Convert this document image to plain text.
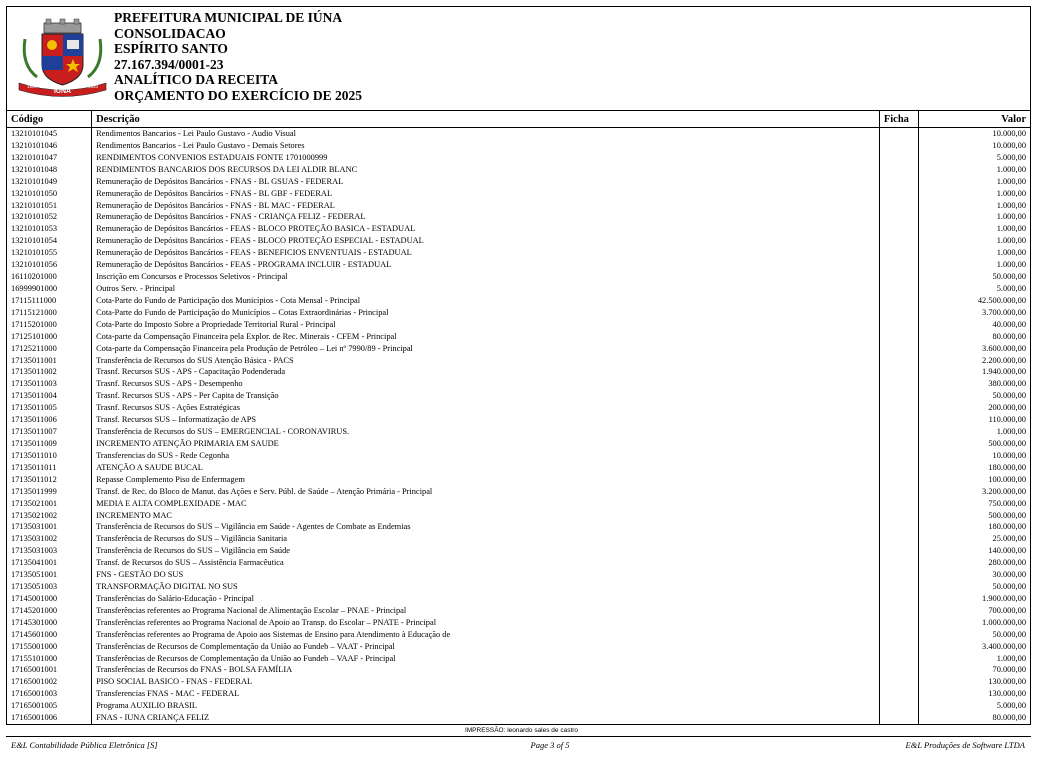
IÚNA
1890	1920
PREFEITURA MUNICIPAL DE IÚNA
CONSOLIDACAO
ESPÍRITO SANTO
27.167.394/0001-23
ANALÍTICO DA RECEITA
ORÇAMENTO DO EXERCÍCIO DE 2025
Código	Descrição	Ficha	Valor
13210101045	Rendimentos Bancarios - Lei Paulo Gustavo - Audio Visual		10.000,00
13210101046	Rendimentos Bancarios - Lei Paulo Gustavo - Demais Setores		10.000,00
13210101047	RENDIMENTOS CONVENIOS ESTADUAIS FONTE 1701000999		5.000,00
13210101048	RENDIMENTOS BANCARIOS DOS RECURSOS DA LEI ALDIR BLANC		1.000,00
13210101049	Remuneração de Depósitos Bancários - FNAS - BL GSUAS - FEDERAL		1.000,00
13210101050	Remuneração de Depósitos Bancários - FNAS - BL GBF - FEDERAL		1.000,00
13210101051	Remuneração de Depósitos Bancários - FNAS - BL MAC - FEDERAL		1.000,00
13210101052	Remuneração de Depósitos Bancários - FNAS - CRIANÇA FELIZ - FEDERAL		1.000,00
13210101053	Remuneração de Depósitos Bancários - FEAS - BLOCO PROTEÇÃO BASICA - ESTADUAL		1.000,00
13210101054	Remuneração de Depósitos Bancários - FEAS - BLOCO PROTEÇÃO ESPECIAL - ESTADUAL		1.000,00
13210101055	Remuneração de Depósitos Bancários - FEAS - BENEFICIOS ENVENTUAIS - ESTADUAL		1.000,00
13210101056	Remuneração de Depósitos Bancários - FEAS - PROGRAMA INCLUIR - ESTADUAL		1.000,00
16110201000	Inscrição em Concursos e Processos Seletivos - Principal		50.000,00
16999901000	Outros Serv. - Principal		5.000,00
17115111000	Cota-Parte do Fundo de Participação dos Municípios - Cota Mensal - Principal		42.500.000,00
17115121000	Cota-Parte do Fundo de Participação do Municípios – Cotas Extraordinárias - Principal		3.700.000,00
17115201000	Cota-Parte do Imposto Sobre a Propriedade Territorial Rural - Principal		40.000,00
17125101000	Cota-parte da Compensação Financeira pela Explor. de Rec. Minerais - CFEM - Principal		80.000,00
17125211000	Cota-parte da Compensação Financeira pela Produção de Petróleo – Lei nº 7990/89 - Principal		3.600.000,00
17135011001	Transferência de Recursos do SUS Atenção Básica - PACS		2.200.000,00
17135011002	Trasnf. Recursos SUS - APS - Capacitação Podenderada		1.940.000,00
17135011003	Trasnf. Recursos SUS - APS - Desempenho		380.000,00
17135011004	Trasnf. Recursos SUS - APS - Per Capita de Transição		50.000,00
17135011005	Trasnf. Recursos SUS - Ações Estratégicas		200.000,00
17135011006	Transf. Recursos SUS – Informatização de APS		110.000,00
17135011007	Transferência de Recursos do SUS – EMERGENCIAL - CORONAVIRUS.		1.000,00
17135011009	INCREMENTO ATENÇÃO PRIMARIA EM SAUDE		500.000,00
17135011010	Transferencias do SUS - Rede Cegonha		10.000,00
17135011011	ATENÇÃO A SAUDE BUCAL		180.000,00
17135011012	Repasse Complemento Piso de Enfermagem		100.000,00
17135011999	Transf. de Rec. do Bloco de Manut. das Ações e Serv. Públ. de Saúde – Atenção Primária - Principal		3.200.000,00
17135021001	MEDIA E ALTA COMPLEXIDADE - MAC		750.000,00
17135021002	INCREMENTO MAC		500.000,00
17135031001	Transferência de Recursos do SUS – Vigilância em Saúde - Agentes de Combate as Endemias		180.000,00
17135031002	Transferência de Recursos do SUS – Vigilância Sanitaria		25.000,00
17135031003	Transferência de Recursos do SUS – Vigilância em Saúde		140.000,00
17135041001	Transf. de Recursos do SUS – Assistência Farmacêutica		280.000,00
17135051001	FNS - GESTÃO DO SUS		30.000,00
17135051003	TRANSFORMAÇÃO DIGITAL NO SUS		50.000,00
17145001000	Transferências do Salário-Educação - Principal		1.900.000,00
17145201000	Transferências referentes ao Programa Nacional de Alimentação Escolar – PNAE - Principal		700.000,00
17145301000	Transferências referentes ao Programa Nacional de Apoio ao Transp. do Escolar – PNATE - Principal		1.000.000,00
17145601000	Transferências referentes ao Programa de Apoio aos Sistemas de Ensino para Atendimento à Educação de		50.000,00
17155001000	Transferências de Recursos de Complementação da União ao Fundeb – VAAT - Principal		3.400.000,00
17155101000	Transferências de Recursos de Complementação da União ao Fundeb – VAAF - Principal		1.000,00
17165001001	Transferências de Recursos do FNAS - BOLSA FAMÍLIA		70.000,00
17165001002	PISO SOCIAL BASICO - FNAS - FEDERAL		130.000,00
17165001003	Transferencias FNAS - MAC - FEDERAL		130.000,00
17165001005	Programa AUXILIO BRASIL		5.000,00
17165001006	FNAS - IUNA CRIANÇA FELIZ		80.000,00
IMPRESSÃO: leonardo sales de castro
E&L Contabilidade Pública Eletrônica [S]	Page 3 of 5	E&L Produções de Software LTDA
